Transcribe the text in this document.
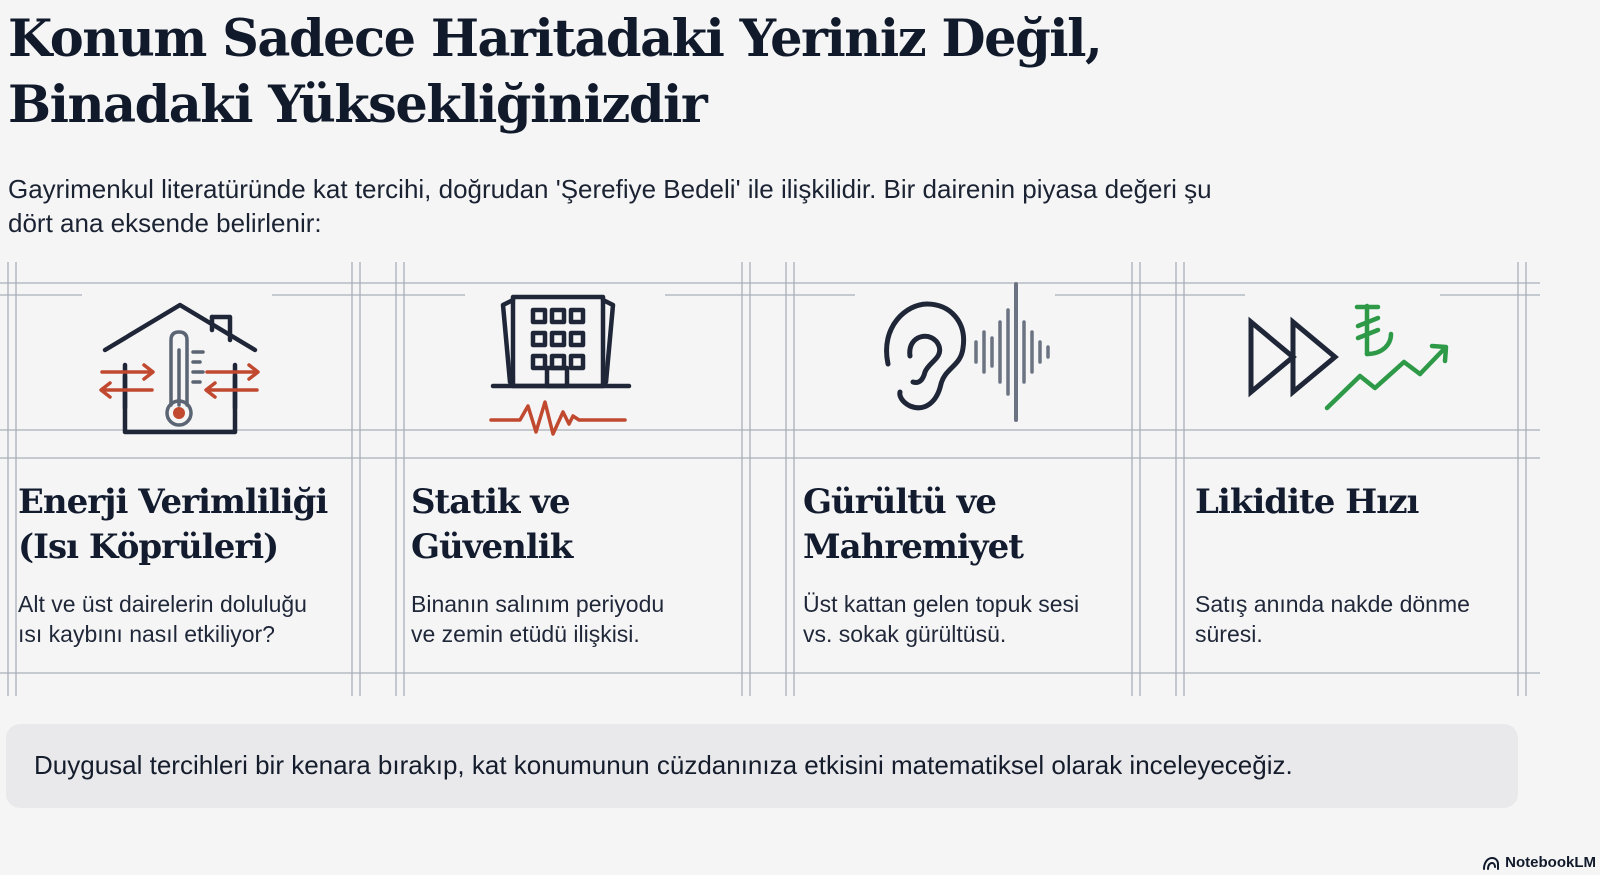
Konum Sadece Haritadaki Yeriniz Değil,
Binadaki Yüksekliğinizdir

Gayrimenkul literatüründe kat tercihi, doğrudan 'Şerefiye Bedeli' ile ilişkilidir. Bir dairenin piyasa değeri şu
dört ana eksende belirlenir:

Enerji Verimliliği
(Isı Köprüleri)

Alt ve üst dairelerin doluluğu
ısı kaybını nasıl etkiliyor?

Statik ve
Güvenlik

Binanın salınım periyodu
ve zemin etüdü ilişkisi.

Gürültü ve
Mahremiyet

Üst kattan gelen topuk sesi
vs. sokak gürültüsü.

Likidite Hızı

Satış anında nakde dönme
süresi.

Duygusal tercihleri bir kenara bırakıp, kat konumunun cüzdanınıza etkisini matematiksel olarak inceleyeceğiz.
NotebookLM
